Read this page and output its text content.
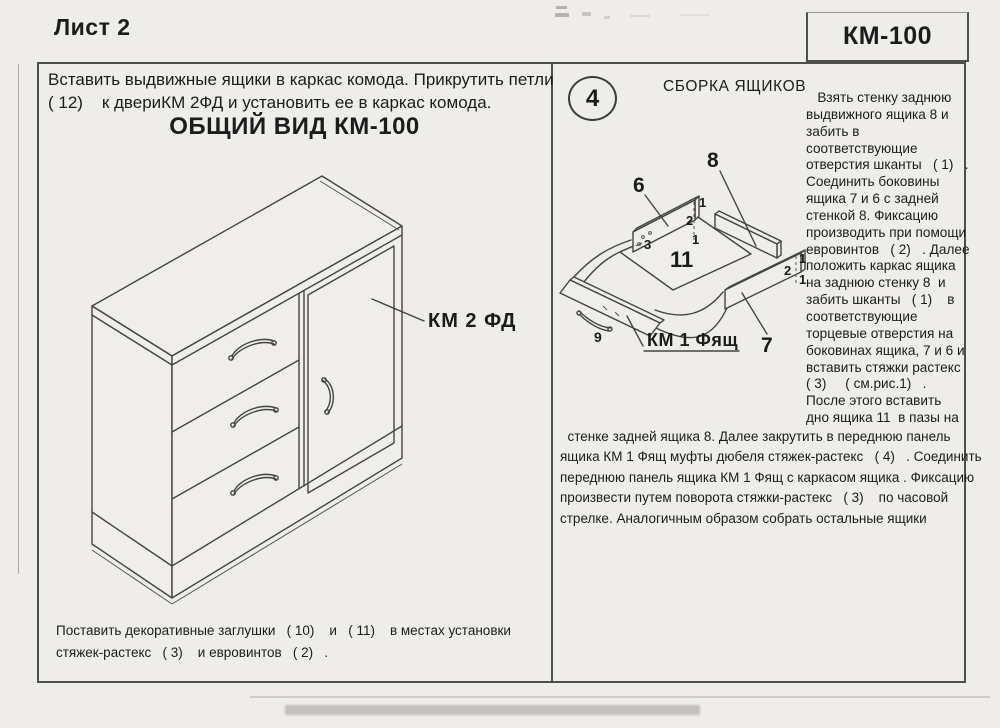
Лист 2	КМ-100
Вставить выдвижные ящики в каркас комода. Прикрутить петли
( 12)    к двериКМ 2ФД и установить ее в каркас комода.
ОБЩИЙ ВИД КМ-100
КМ 2 ФД
Поставить декоративные заглушки   ( 10)    и   ( 11)    в местах установки
стяжек-растекс   ( 3)    и евровинтов   ( 2)   .
4	СБОРКА ЯЩИКОВ
Взять стенку заднюю
выдвижного ящика 8 и
забить в
соответствующие
отверстия шканты   ( 1)   .
Соединить боковины
ящика 7 и 6 с задней
стенкой 8. Фиксацию
производить при помощи
евровинтов   ( 2)   . Далее
положить каркас ящика
на заднюю стенку 8  и
забить шканты   ( 1)    в
соответствующие
торцевые отверстия на
боковинах ящика, 7 и 6 и
вставить стяжки растекс
( 3)     ( см.рис.1)   .
После этого вставить
дно ящика 11  в пазы на
6
8
11
7
9	КМ 1 Фящ
1
2
1
3
1
2
1
стенке задней ящика 8. Далее закрутить в переднюю панель
ящика КМ 1 Фящ муфты дюбеля стяжек-растекс   ( 4)   . Соединить
переднюю панель ящика КМ 1 Фящ с каркасом ящика . Фиксацию
произвести путем поворота стяжки-растекс   ( 3)    по часовой
стрелке. Аналогичным образом собрать остальные ящики
